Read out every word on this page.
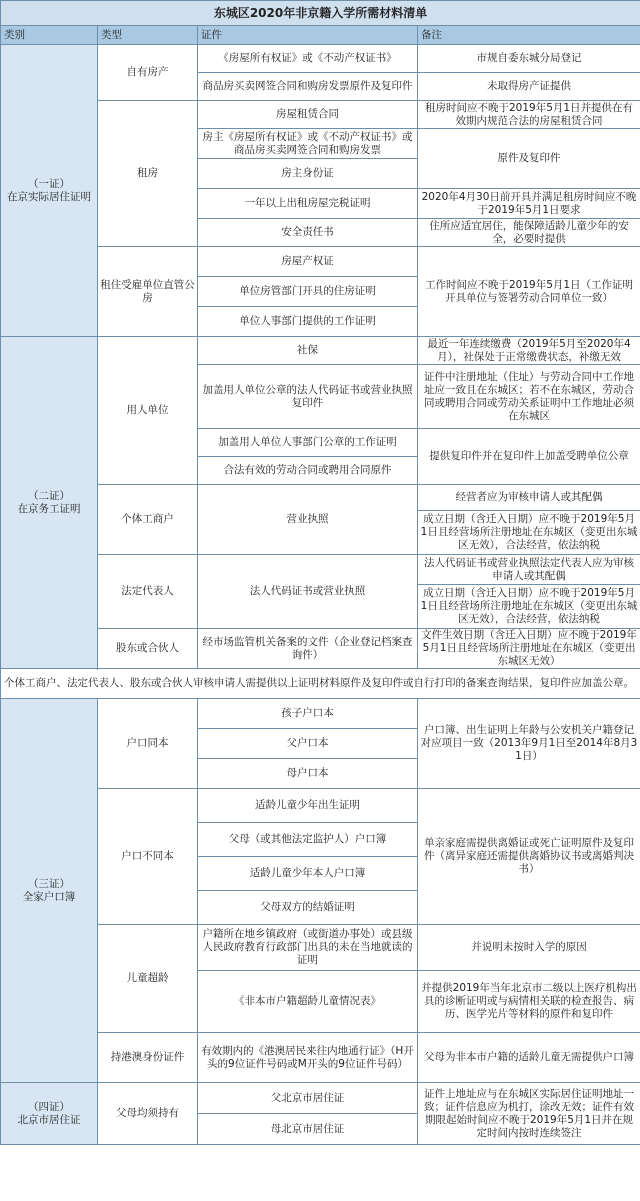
东城区2020年非京籍入学所需材料清单			
类别	类型	证件	备注
（一证）
在京实际居住证明	自有房产	《房屋所有权证》或《不动产权证书》	市规自委东城分局登记
		商品房买卖网签合同和购房发票原件及复印件	未取得房产证提供
	租房	房屋租赁合同	租房时间应不晚于2019年5月1日并提供在有效期内规范合法的房屋租赁合同
		房主《房屋所有权证》或《不动产权证书》或商品房买卖网签合同和购房发票	原件及复印件
		房主身份证	
		一年以上出租房屋完税证明	2020年4月30日前开具并满足租房时间应不晚于2019年5月1日要求
		安全责任书	住所应适宜居住，能保障适龄儿童少年的安全，必要时提供

	租住受雇单位直管公房	房屋产权证	工作时间应不晚于2019年5月1日（工作证明开具单位与签署劳动合同单位一致）
		单位房管部门开具的住房证明	
		单位人事部门提供的工作证明	
（二证）
在京务工证明	用人单位	社保	最近一年连续缴费（2019年5月至2020年4月），社保处于正常缴费状态，补缴无效
		加盖用人单位公章的法人代码证书或营业执照复印件	证件中注册地址（住址）与劳动合同中工作地址应一致且在东城区；若不在东城区，劳动合同或聘用合同或劳动关系证明中工作地址必须在东城区
		加盖用人单位人事部门公章的工作证明	提供复印件并在复印件上加盖受聘单位公章
		合法有效的劳动合同或聘用合同原件	
	个体工商户	营业执照	经营者应为审核申请人或其配偶
			成立日期（含迁入日期）应不晚于2019年5月1日且经营场所注册地址在东城区（变更出东城区无效），合法经营，依法纳税
	法定代表人	法人代码证书或营业执照	法人代码证书或营业执照法定代表人应为审核申请人或其配偶
			成立日期（含迁入日期）应不晚于2019年5月1日且经营场所注册地址在东城区（变更出东城区无效），合法经营，依法纳税
	股东或合伙人	经市场监管机关备案的文件（企业登记档案查询件）	文件生效日期（含迁入日期）应不晚于2019年5月1日且经营场所注册地址在东城区（变更出东城区无效）

个体工商户、法定代表人、股东或合伙人审核申请人需提供以上证明材料原件及复印件或自行打印的备案查询结果，复印件应加盖公章。			
（三证）
全家户口簿	户口同本	孩子户口本	户口簿、出生证明上年龄与公安机关户籍登记对应项目一致（2013年9月1日至2014年8月31日）
		父户口本	
		母户口本	
	户口不同本	适龄儿童少年出生证明	单亲家庭需提供离婚证或死亡证明原件及复印件（离异家庭还需提供离婚协议书或离婚判决书）
		父母（或其他法定监护人）户口簿	
		适龄儿童少年本人户口簿	
		父母双方的结婚证明	
	儿童超龄	户籍所在地乡镇政府（或街道办事处）或县级人民政府教育行政部门出具的未在当地就读的证明	并说明未按时入学的原因
		《非本市户籍超龄儿童情况表》	并提供2019年当年北京市二级以上医疗机构出具的诊断证明或与病情相关联的检查报告、病历、医学光片等材料的原件和复印件
	持港澳身份证件	有效期内的《港澳居民来往内地通行证》（H开头的9位证件号码或M开头的9位证件号码）	父母为非本市户籍的适龄儿童无需提供户口簿

（四证）
北京市居住证	父母均须持有	父北京市居住证	证件上地址应与在东城区实际居住证明地址一致；证件信息应为机打，涂改无效；证件有效期限起始时间应不晚于2019年5月1日并在规定时间内按时连续签注
		母北京市居住证	
